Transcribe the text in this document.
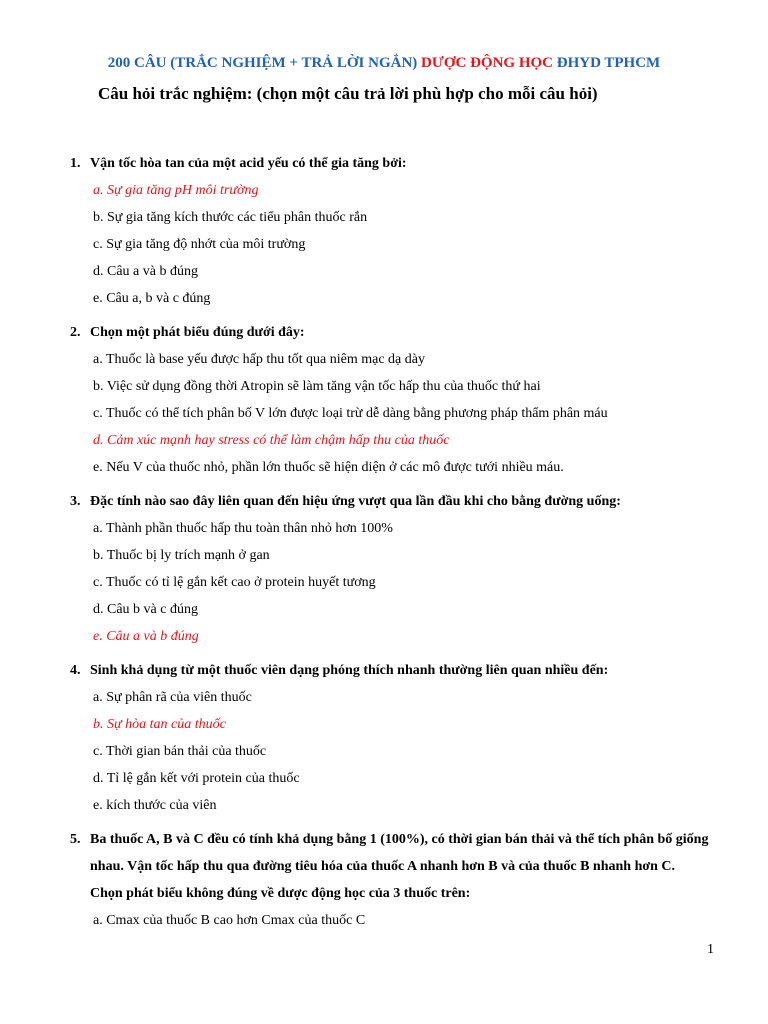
200 CÂU (TRẮC NGHIỆM + TRẢ LỜI NGẮN) DƯỢC ĐỘNG HỌC ĐHYD TPHCM
Câu hỏi trắc nghiệm: (chọn một câu trả lời phù hợp cho mỗi câu hỏi)
1. Vận tốc hòa tan của một acid yếu có thể gia tăng bởi:
a. Sự gia tăng pH môi trường
b. Sự gia tăng kích thước các tiểu phân thuốc rắn
c. Sự gia tăng độ nhớt của môi trường
d. Câu a và b đúng
e. Câu a, b và c đúng
2. Chọn một phát biểu đúng dưới đây:
a. Thuốc là base yếu được hấp thu tốt qua niêm mạc dạ dày
b. Việc sử dụng đồng thời Atropin sẽ làm tăng vận tốc hấp thu của thuốc thứ hai
c. Thuốc có thể tích phân bố V lớn được loại trừ dễ dàng bằng phương pháp thẩm phân máu
d. Cảm xúc mạnh hay stress có thể làm chậm hấp thu của thuốc
e. Nếu V của thuốc nhỏ, phần lớn thuốc sẽ hiện diện ở các mô được tưới nhiều máu.
3. Đặc tính nào sao đây liên quan đến hiệu ứng vượt qua lần đầu khi cho bằng đường uống:
a. Thành phần thuốc hấp thu toàn thân nhỏ hơn 100%
b. Thuốc bị ly trích mạnh ở gan
c. Thuốc có tỉ lệ gắn kết cao ở protein huyết tương
d. Câu b và c đúng
e. Câu a và b đúng
4. Sinh khả dụng từ một thuốc viên dạng phóng thích nhanh thường liên quan nhiều đến:
a. Sự phân rã của viên thuốc
b. Sự hòa tan của thuốc
c. Thời gian bán thải của thuốc
d. Tỉ lệ gắn kết với protein của thuốc
e. kích thước của viên
5. Ba thuốc A, B và C đều có tính khả dụng bằng 1 (100%), có thời gian bán thải và thể tích phân bố giống nhau. Vận tốc hấp thu qua đường tiêu hóa của thuốc A nhanh hơn B và của thuốc B nhanh hơn C. Chọn phát biểu không đúng về dược động học của 3 thuốc trên:
a. Cmax của thuốc B cao hơn Cmax của thuốc C
1
